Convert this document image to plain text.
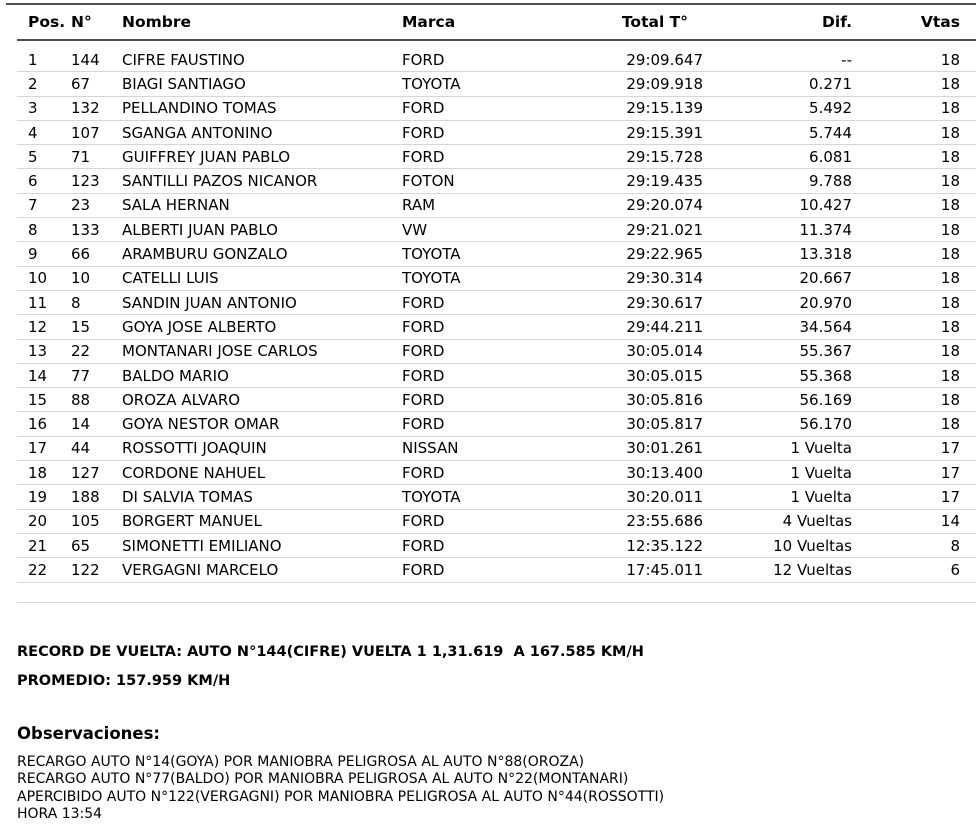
Pos. N°	Nombre	Marca	Total T°	Dif.	Vtas
1	144	CIFRE FAUSTINO	FORD	29:09.647	--	18
2	67	BIAGI SANTIAGO	TOYOTA	29:09.918	0.271	18
3	132	PELLANDINO TOMAS	FORD	29:15.139	5.492	18
4	107	SGANGA ANTONINO	FORD	29:15.391	5.744	18
5	71	GUIFFREY JUAN PABLO	FORD	29:15.728	6.081	18
6	123	SANTILLI PAZOS NICANOR	FOTON	29:19.435	9.788	18
7	23	SALA HERNAN	RAM	29:20.074	10.427	18
8	133	ALBERTI JUAN PABLO	VW	29:21.021	11.374	18
9	66	ARAMBURU GONZALO	TOYOTA	29:22.965	13.318	18
10	10	CATELLI LUIS	TOYOTA	29:30.314	20.667	18
11	8	SANDIN JUAN ANTONIO	FORD	29:30.617	20.970	18
12	15	GOYA JOSE ALBERTO	FORD	29:44.211	34.564	18
13	22	MONTANARI JOSE CARLOS	FORD	30:05.014	55.367	18
14	77	BALDO MARIO	FORD	30:05.015	55.368	18
15	88	OROZA ALVARO	FORD	30:05.816	56.169	18
16	14	GOYA NESTOR OMAR	FORD	30:05.817	56.170	18
17	44	ROSSOTTI JOAQUIN	NISSAN	30:01.261	1 Vuelta	17
18	127	CORDONE NAHUEL	FORD	30:13.400	1 Vuelta	17
19	188	DI SALVIA TOMAS	TOYOTA	30:20.011	1 Vuelta	17
20	105	BORGERT MANUEL	FORD	23:55.686	4 Vueltas	14
21	65	SIMONETTI EMILIANO	FORD	12:35.122	10 Vueltas	8
22	122	VERGAGNI MARCELO	FORD	17:45.011	12 Vueltas	6
RECORD DE VUELTA: AUTO N°144(CIFRE) VUELTA 1 1,31.619  A 167.585 KM/H
PROMEDIO: 157.959 KM/H
Observaciones:
RECARGO AUTO N°14(GOYA) POR MANIOBRA PELIGROSA AL AUTO N°88(OROZA)
RECARGO AUTO N°77(BALDO) POR MANIOBRA PELIGROSA AL AUTO N°22(MONTANARI)
APERCIBIDO AUTO N°122(VERGAGNI) POR MANIOBRA PELIGROSA AL AUTO N°44(ROSSOTTI)
HORA 13:54
